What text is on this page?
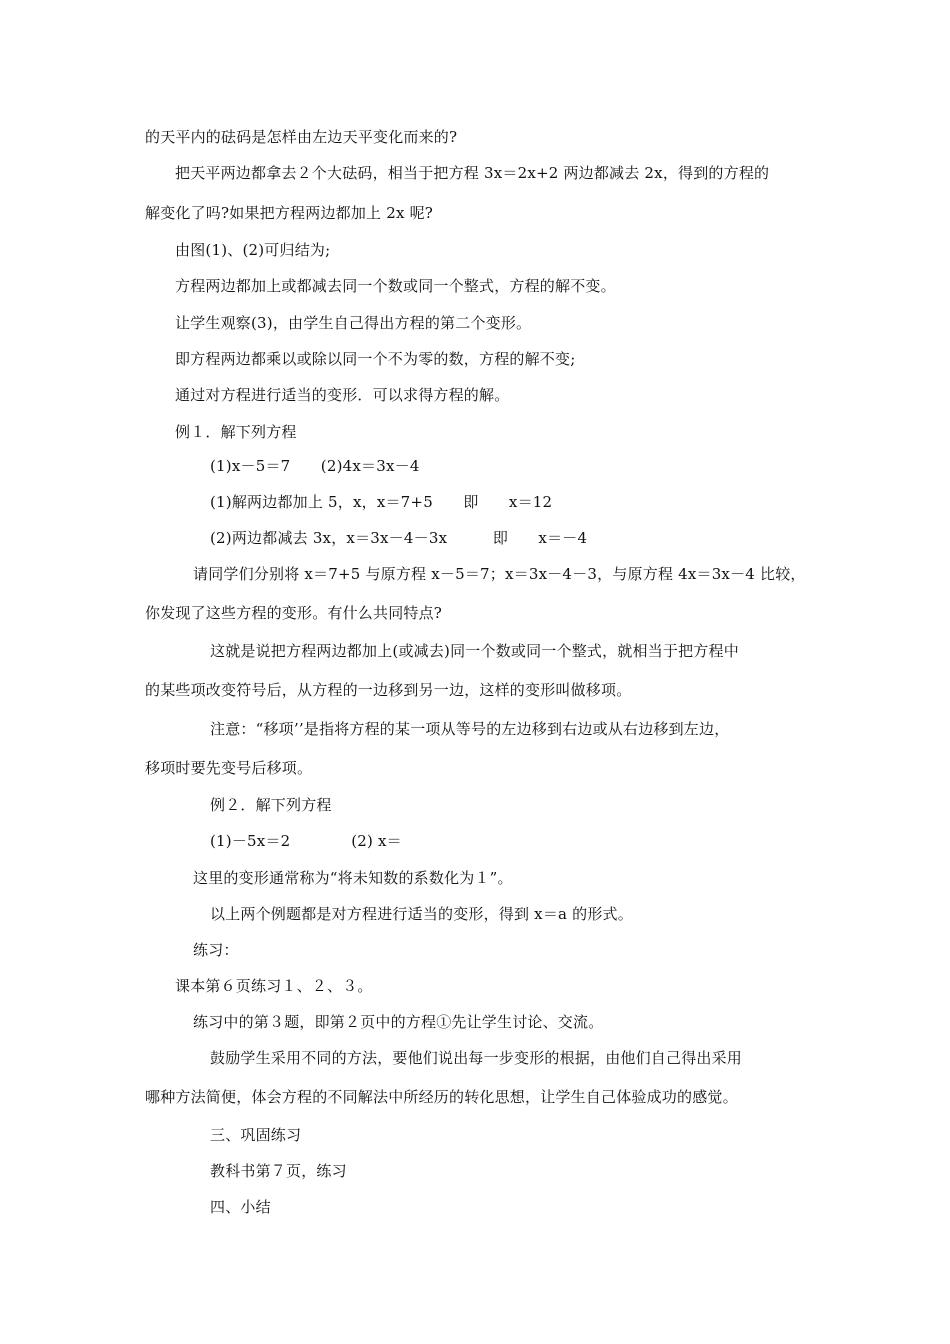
的天平内的砝码是怎样由左边天平变化而来的?

把天平两边都拿去２个大砝码，相当于把方程 3x＝2x+2 两边都减去 2x，得到的方程的

解变化了吗?如果把方程两边都加上 2x 呢?

由图(1)、(2)可归结为;

方程两边都加上或都减去同一个数或同一个整式，方程的解不变。

让学生观察(3)，由学生自己得出方程的第二个变形。

即方程两边都乘以或除以同一个不为零的数，方程的解不变;

通过对方程进行适当的变形．可以求得方程的解。

例１．解下列方程

(1)x－5＝7　　(2)4x＝3x－4

(1)解两边都加上 5，x，x＝7+5　　即　　x＝12

(2)两边都减去 3x，x＝3x－4－3x　　　即　　x＝－4

请同学们分别将 x＝7+5 与原方程 x－5＝7；x＝3x－4－3，与原方程 4x＝3x－4 比较，

你发现了这些方程的变形。有什么共同特点?

这就是说把方程两边都加上(或减去)同一个数或同一个整式，就相当于把方程中

的某些项改变符号后，从方程的一边移到另一边，这样的变形叫做移项。

注意：“移项’’是指将方程的某一项从等号的左边移到右边或从右边移到左边，

移项时要先变号后移项。

例２．解下列方程

(1)－5x＝2　　　　(2) x＝

这里的变形通常称为“将未知数的系数化为１”。

以上两个例题都是对方程进行适当的变形，得到 x＝a 的形式。

练习：

课本第６页练习１、２、３。

练习中的第３题，即第２页中的方程①先让学生讨论、交流。

鼓励学生采用不同的方法，要他们说出每一步变形的根据，由他们自己得出采用

哪种方法简便，体会方程的不同解法中所经历的转化思想，让学生自己体验成功的感觉。

三、巩固练习

教科书第７页，练习

四、小结
